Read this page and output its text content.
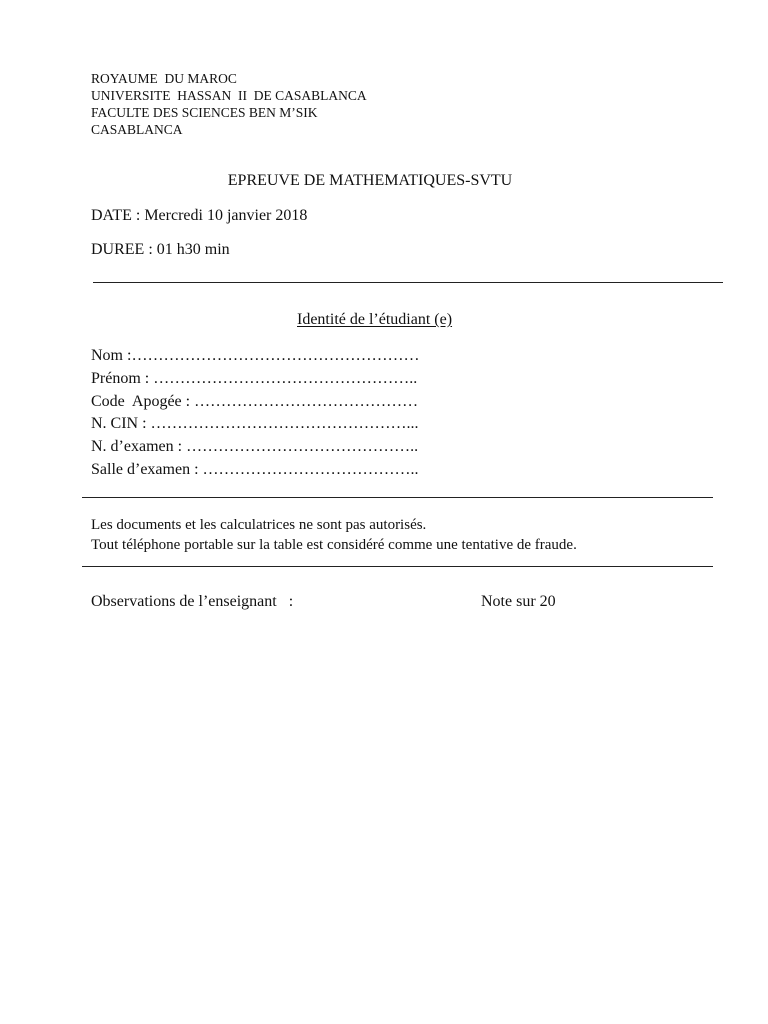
ROYAUME  DU MAROC
UNIVERSITE  HASSAN  II  DE CASABLANCA
FACULTE DES SCIENCES BEN M’SIK
CASABLANCA
EPREUVE DE MATHEMATIQUES-SVTU
DATE : Mercredi 10 janvier 2018
DUREE : 01 h30 min
Identité de l’étudiant (e)
Nom :………………………………………………
Prénom : …………………………………………..
Code  Apogée : ……………………………………
N. CIN : …………………………………………...
N. d’examen : ……………………………………..
Salle d’examen : …………………………………..
Les documents et les calculatrices ne sont pas autorisés.
Tout téléphone portable sur la table est considéré comme une tentative de fraude.
Observations de l’enseignant   :	Note sur 20
